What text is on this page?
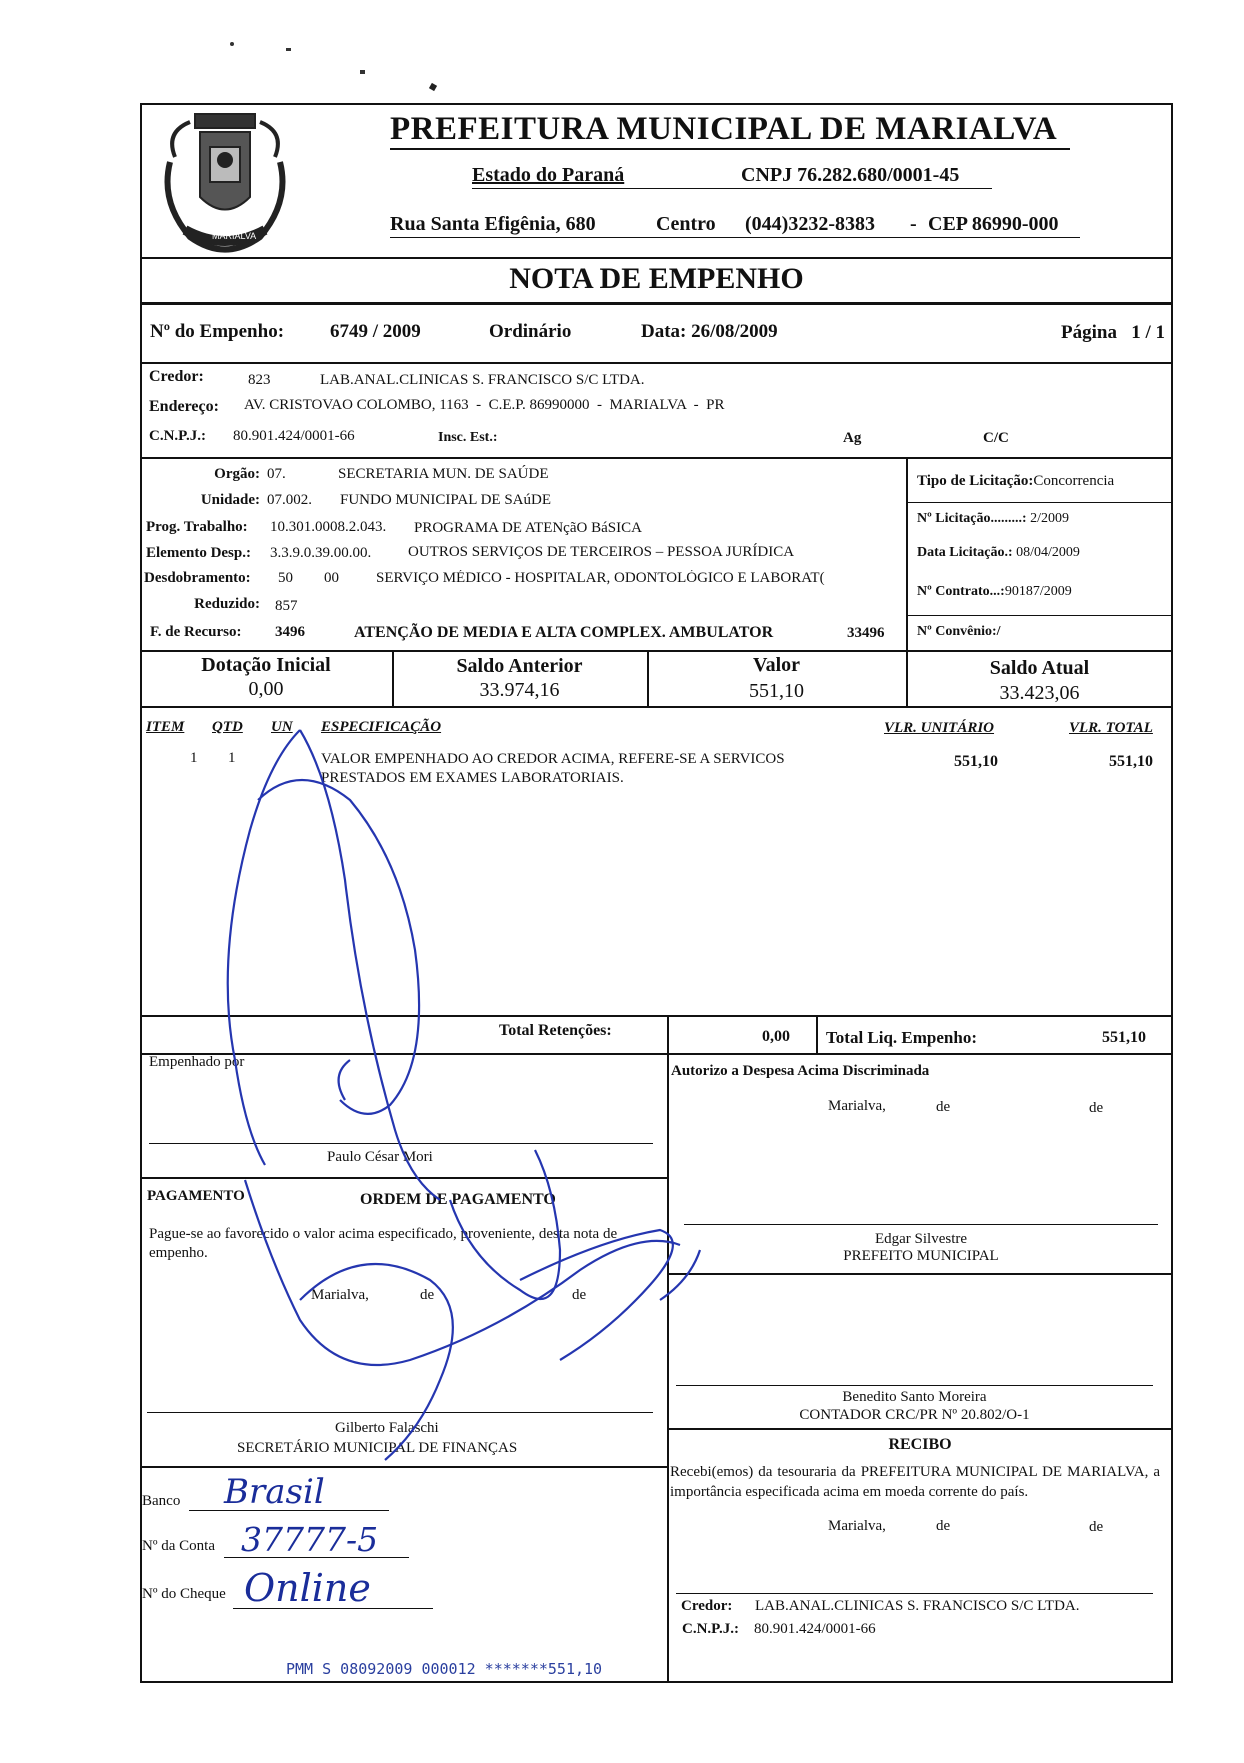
MARIALVA
PREFEITURA MUNICIPAL DE MARIALVA
Estado do Paraná	CNPJ 76.282.680/0001-45
Rua Santa Efigênia, 680	Centro (044)3232-8383 - CEP 86990-000
NOTA DE EMPENHO
Nº do Empenho: 6749 / 2009	Ordinário	Data: 26/08/2009	Página   1 / 1
Credor:	823	LAB.ANAL.CLINICAS S. FRANCISCO S/C LTDA.
Endereço: AV. CRISTOVAO COLOMBO, 1163  -  C.E.P. 86990000  -  MARIALVA  -  PR
C.N.P.J.: 80.901.424/0001-66	Insc. Est.:	Ag	C/C
Orgão: 07.	SECRETARIA MUN. DE SAÚDE
Unidade: 07.002. FUNDO MUNICIPAL DE SAúDE
Prog. Trabalho: 10.301.0008.2.043. PROGRAMA DE ATENçãO BáSICA
Elemento Desp.: 3.3.9.0.39.00.00. OUTROS SERVIÇOS DE TERCEIROS – PESSOA JURÍDICA
Desdobramento: 50 00 SERVIÇO MÉDICO - HOSPITALAR, ODONTOLÓGICO E LABORAT(
Reduzido: 857
F. de Recurso: 3496	ATENÇÃO DE MEDIA E ALTA COMPLEX. AMBULATOR	33496
Tipo de Licitação:Concorrencia
Nº Licitação.........: 2/2009
Data Licitação.: 08/04/2009
Nº Contrato...:90187/2009
Nº Convênio:/
Dotação Inicial
0,00
Saldo Anterior
33.974,16
Valor
551,10
Saldo Atual
33.423,06
ITEM QTD UN ESPECIFICAÇÃO	VLR. UNITÁRIO	VLR. TOTAL
1 1	VALOR EMPENHADO AO CREDOR ACIMA, REFERE-SE A SERVICOS
PRESTADOS EM EXAMES LABORATORIAIS.
551,10	551,10
Total Retenções:	0,00 Total Liq. Empenho:	551,10
Empenhado por
Paulo César Mori
PAGAMENTO	ORDEM DE PAGAMENTO
Pague-se ao favorecido o valor acima especificado, proveniente, desta nota de empenho.
Marialva,	de	de
Gilberto Falaschi
SECRETÁRIO MUNICIPAL DE FINANÇAS
Banco Brasil
Nº da Conta 37777-5
Nº do Cheque Online
Autorizo a Despesa Acima Discriminada
Marialva,	de	de
Edgar Silvestre
PREFEITO MUNICIPAL
Benedito Santo Moreira
CONTADOR CRC/PR Nº 20.802/O-1
RECIBO
Recebi(emos) da tesouraria da PREFEITURA MUNICIPAL DE MARIALVA, a importância especificada acima em moeda corrente do país.
Marialva,	de	de
Credor: LAB.ANAL.CLINICAS S. FRANCISCO S/C LTDA.
C.N.P.J.: 80.901.424/0001-66
PMM S 08092009 000012 *******551,10
